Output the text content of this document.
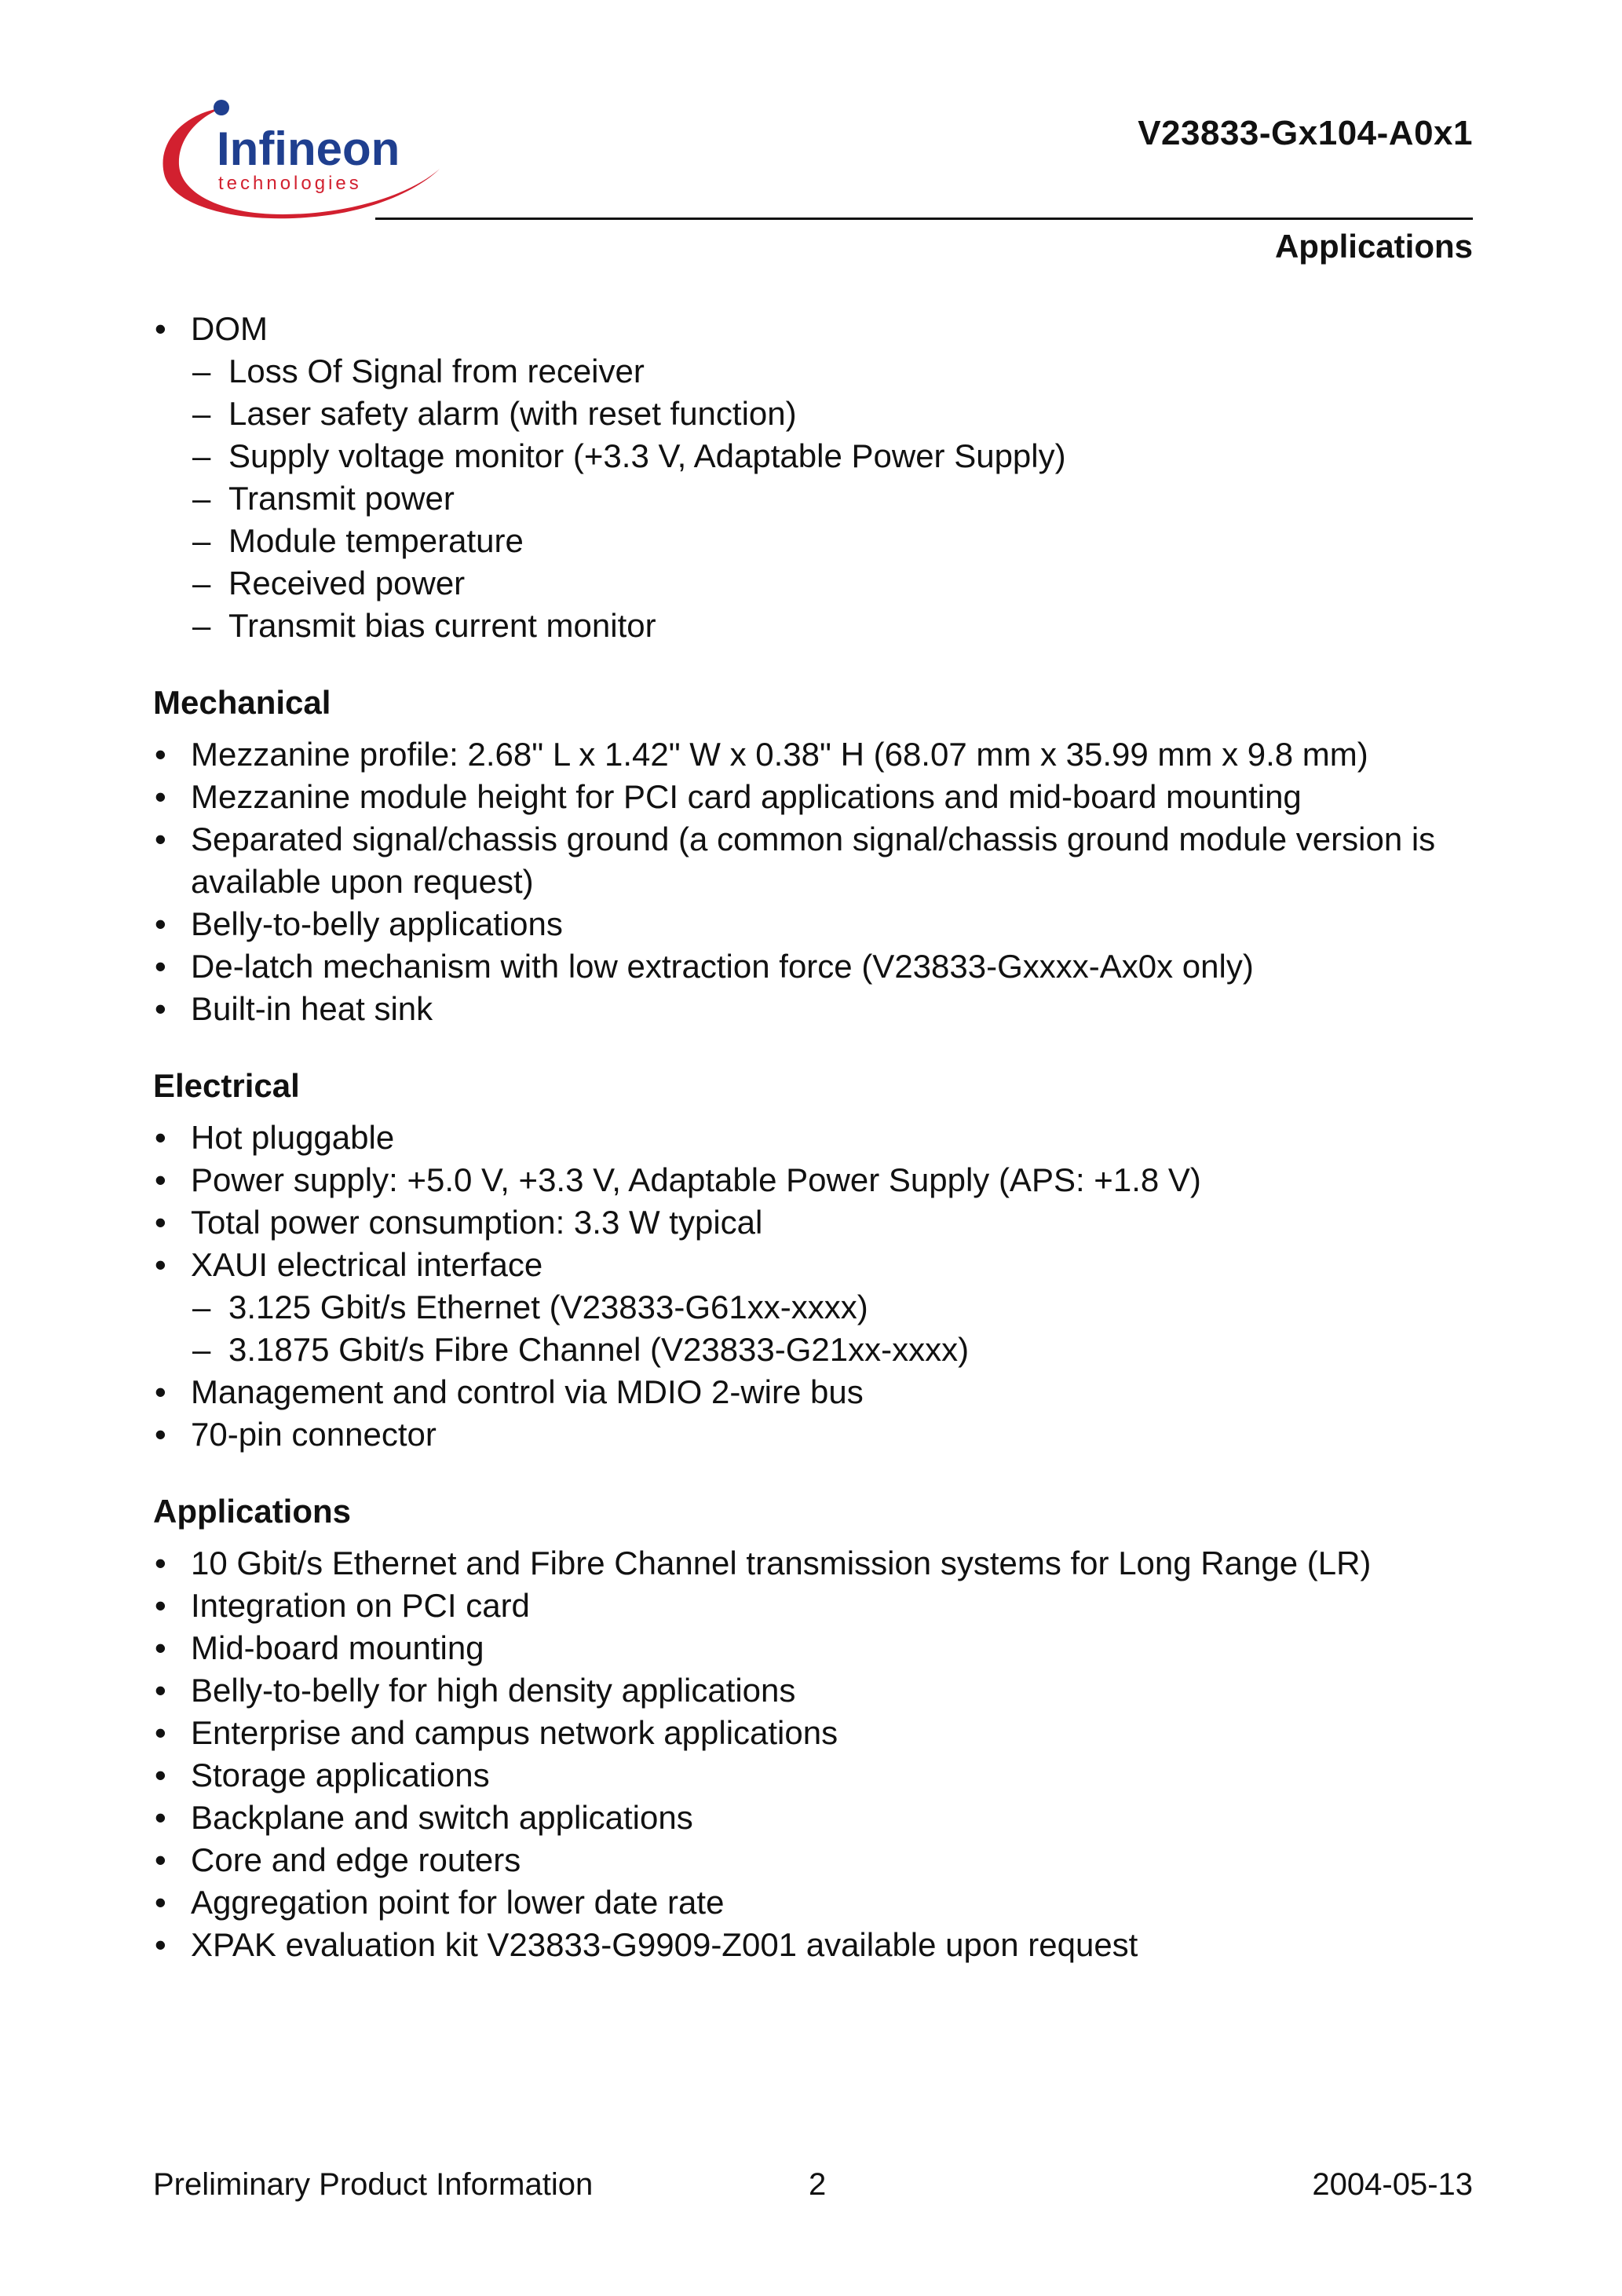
Infineon
technologies
V23833-Gx104-A0x1
Applications
• DOM
– Loss Of Signal from receiver
– Laser safety alarm (with reset function)
– Supply voltage monitor (+3.3 V, Adaptable Power Supply)
– Transmit power
– Module temperature
– Received power
– Transmit bias current monitor
Mechanical
• Mezzanine profile: 2.68" L x 1.42" W x 0.38" H (68.07 mm x 35.99 mm x 9.8 mm)
• Mezzanine module height for PCI card applications and mid-board mounting
• Separated signal/chassis ground (a common signal/chassis ground module version is available upon request)
• Belly-to-belly applications
• De-latch mechanism with low extraction force (V23833-Gxxxx-Ax0x only)
• Built-in heat sink
Electrical
• Hot pluggable
• Power supply: +5.0 V, +3.3 V, Adaptable Power Supply (APS: +1.8 V)
• Total power consumption: 3.3 W typical
• XAUI electrical interface
– 3.125 Gbit/s Ethernet (V23833-G61xx-xxxx)
– 3.1875 Gbit/s Fibre Channel (V23833-G21xx-xxxx)
• Management and control via MDIO 2-wire bus
• 70-pin connector
Applications
• 10 Gbit/s Ethernet and Fibre Channel transmission systems for Long Range (LR)
• Integration on PCI card
• Mid-board mounting
• Belly-to-belly for high density applications
• Enterprise and campus network applications
• Storage applications
• Backplane and switch applications
• Core and edge routers
• Aggregation point for lower date rate
• XPAK evaluation kit V23833-G9909-Z001 available upon request
Preliminary Product Information	2	2004-05-13
